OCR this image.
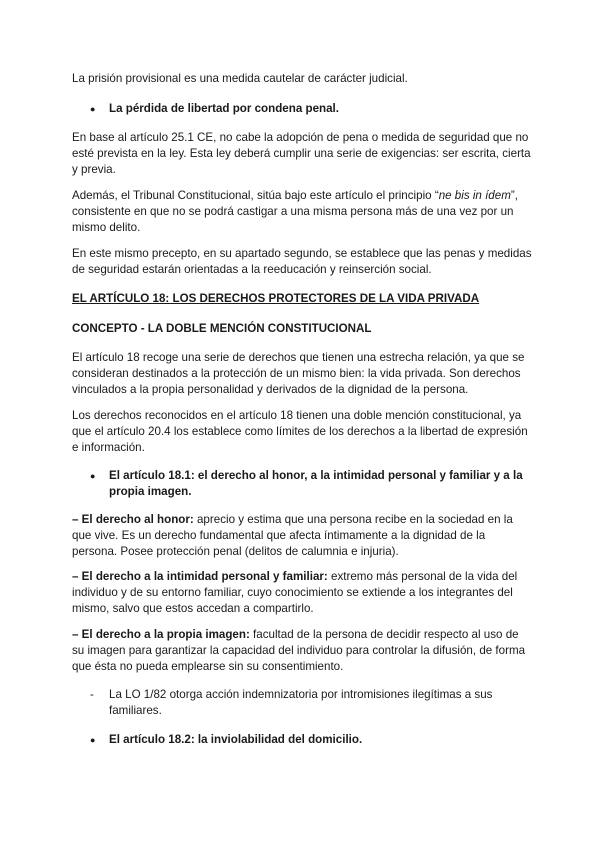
La prisión provisional es una medida cautelar de carácter judicial.

● La pérdida de libertad por condena penal.

En base al artículo 25.1 CE, no cabe la adopción de pena o medida de seguridad que no esté prevista en la ley. Esta ley deberá cumplir una serie de exigencias: ser escrita, cierta y previa.

Además, el Tribunal Constitucional, sitúa bajo este artículo el principio “ne bis in ídem”, consistente en que no se podrá castigar a una misma persona más de una vez por un mismo delito.

En este mismo precepto, en su apartado segundo, se establece que las penas y medidas de seguridad estarán orientadas a la reeducación y reinserción social.

EL ARTÍCULO 18: LOS DERECHOS PROTECTORES DE LA VIDA PRIVADA

CONCEPTO - LA DOBLE MENCIÓN CONSTITUCIONAL

El artículo 18 recoge una serie de derechos que tienen una estrecha relación, ya que se consideran destinados a la protección de un mismo bien: la vida privada. Son derechos vinculados a la propia personalidad y derivados de la dignidad de la persona.

Los derechos reconocidos en el artículo 18 tienen una doble mención constitucional, ya que el artículo 20.4 los establece como límites de los derechos a la libertad de expresión e información.

● El artículo 18.1: el derecho al honor, a la intimidad personal y familiar y a la propia imagen.

– El derecho al honor: aprecio y estima que una persona recibe en la sociedad en la que vive. Es un derecho fundamental que afecta íntimamente a la dignidad de la persona. Posee protección penal (delitos de calumnia e injuria).

– El derecho a la intimidad personal y familiar: extremo más personal de la vida del individuo y de su entorno familiar, cuyo conocimiento se extiende a los integrantes del mismo, salvo que estos accedan a compartirlo.

– El derecho a la propia imagen: facultad de la persona de decidir respecto al uso de su imagen para garantizar la capacidad del individuo para controlar la difusión, de forma que ésta no pueda emplearse sin su consentimiento.

- La LO 1/82 otorga acción indemnizatoria por intromisiones ilegítimas a sus familiares.
● El artículo 18.2: la inviolabilidad del domicilio.
